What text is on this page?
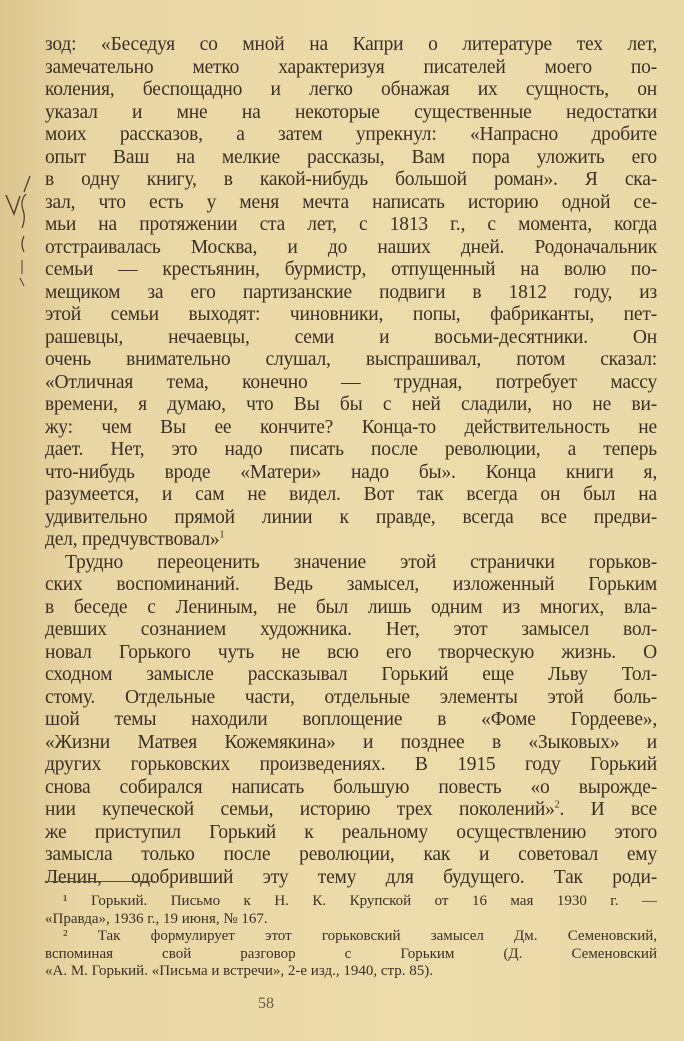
зод: «Беседуя со мной на Капри о литературе тех лет,
замечательно метко характеризуя писателей моего по-
коления, беспощадно и легко обнажая их сущность, он
указал и мне на некоторые существенные недостатки
моих рассказов, а затем упрекнул: «Напрасно дробите
опыт Ваш на мелкие рассказы, Вам пора уложить его
в одну книгу, в какой-нибудь большой роман». Я ска-
зал, что есть у меня мечта написать историю одной се-
мьи на протяжении ста лет, с 1813 г., с момента, когда
отстраивалась Москва, и до наших дней. Родоначальник
семьи — крестьянин, бурмистр, отпущенный на волю по-
мещиком за его партизанские подвиги в 1812 году, из
этой семьи выходят: чиновники, попы, фабриканты, пет-
рашевцы, нечаевцы, семи и восьми-десятники. Он
очень внимательно слушал, выспрашивал, потом сказал:
«Отличная тема, конечно — трудная, потребует массу
времени, я думаю, что Вы бы с ней сладили, но не ви-
жу: чем Вы ее кончите? Конца-то действительность не
дает. Нет, это надо писать после революции, а теперь
что-нибудь вроде «Матери» надо бы». Конца книги я,
разумеется, и сам не видел. Вот так всегда он был на
удивительно прямой линии к правде, всегда все предви-
дел, предчувствовал»$^1$
Трудно переоценить значение этой странички горьков-
ских воспоминаний. Ведь замысел, изложенный Горьким
в беседе с Лениным, не был лишь одним из многих, вла-
девших сознанием художника. Нет, этот замысел вол-
новал Горького чуть не всю его творческую жизнь. О
сходном замысле рассказывал Горький еще Льву Тол-
стому. Отдельные части, отдельные элементы этой боль-
шой темы находили воплощение в «Фоме Гордееве»,
«Жизни Матвея Кожемякина» и позднее в «Зыковых» и
других горьковских произведениях. В 1915 году Горький
снова собирался написать большую повесть «о вырожде-
нии купеческой семьи, историю трех поколений»$^2$. И все
же приступил Горький к реальному осуществлению этого
замысла только после революции, как и советовал ему
Ленин, одобривший эту тему для будущего. Так роди-
¹ Горький. Письмо к Н. К. Крупской от 16 мая 1930 г. —
«Правда», 1936 г., 19 июня, № 167.
² Так формулирует этот горьковский замысел Дм. Семеновский,
вспоминая свой разговор с Горьким (Д. Семеновский
«А. М. Горький. «Письма и встречи», 2-е изд., 1940, стр. 85).
58
